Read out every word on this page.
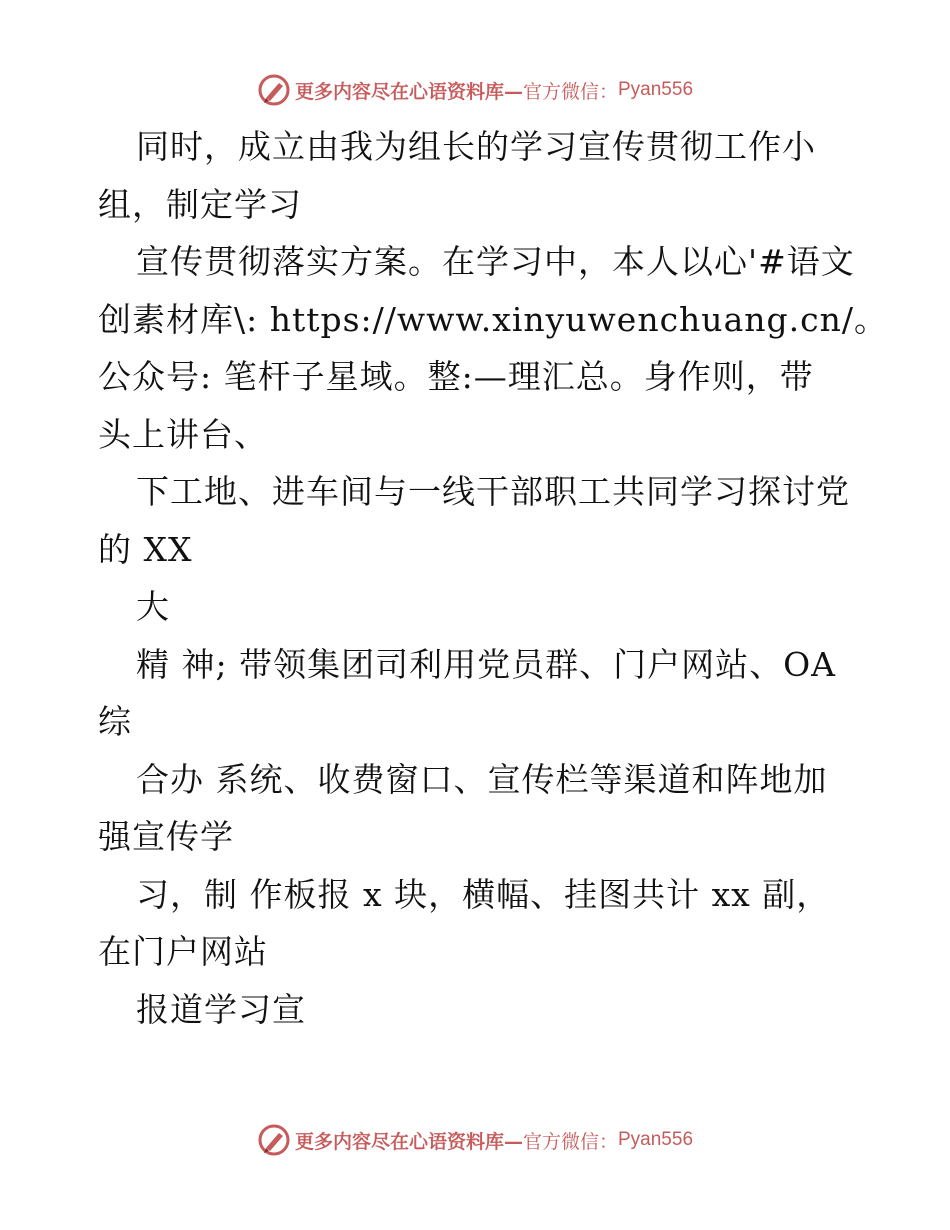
更多内容尽在心语资料库— 官方微信： Pyan556
同时，成立由我为组长的学习宣传贯彻工作小
组，制定学习
宣传贯彻落实方案。在学习中，本人以心'#语文
创素材库\: https://www.xinyuwenchuang.cn/。
公众号: 笔杆子星域。整:—理汇总。身作则，带
头上讲台、
下工地、进车间与一线干部职工共同学习探讨党
的 XX
大
精 神; 带领集团司利用党员群、门户网站、OA
综
合办 系统、收费窗口、宣传栏等渠道和阵地加
强宣传学
习，制 作板报 x 块，横幅、挂图共计 xx 副，
在门户网站
报道学习宣
更多内容尽在心语资料库— 官方微信： Pyan556
